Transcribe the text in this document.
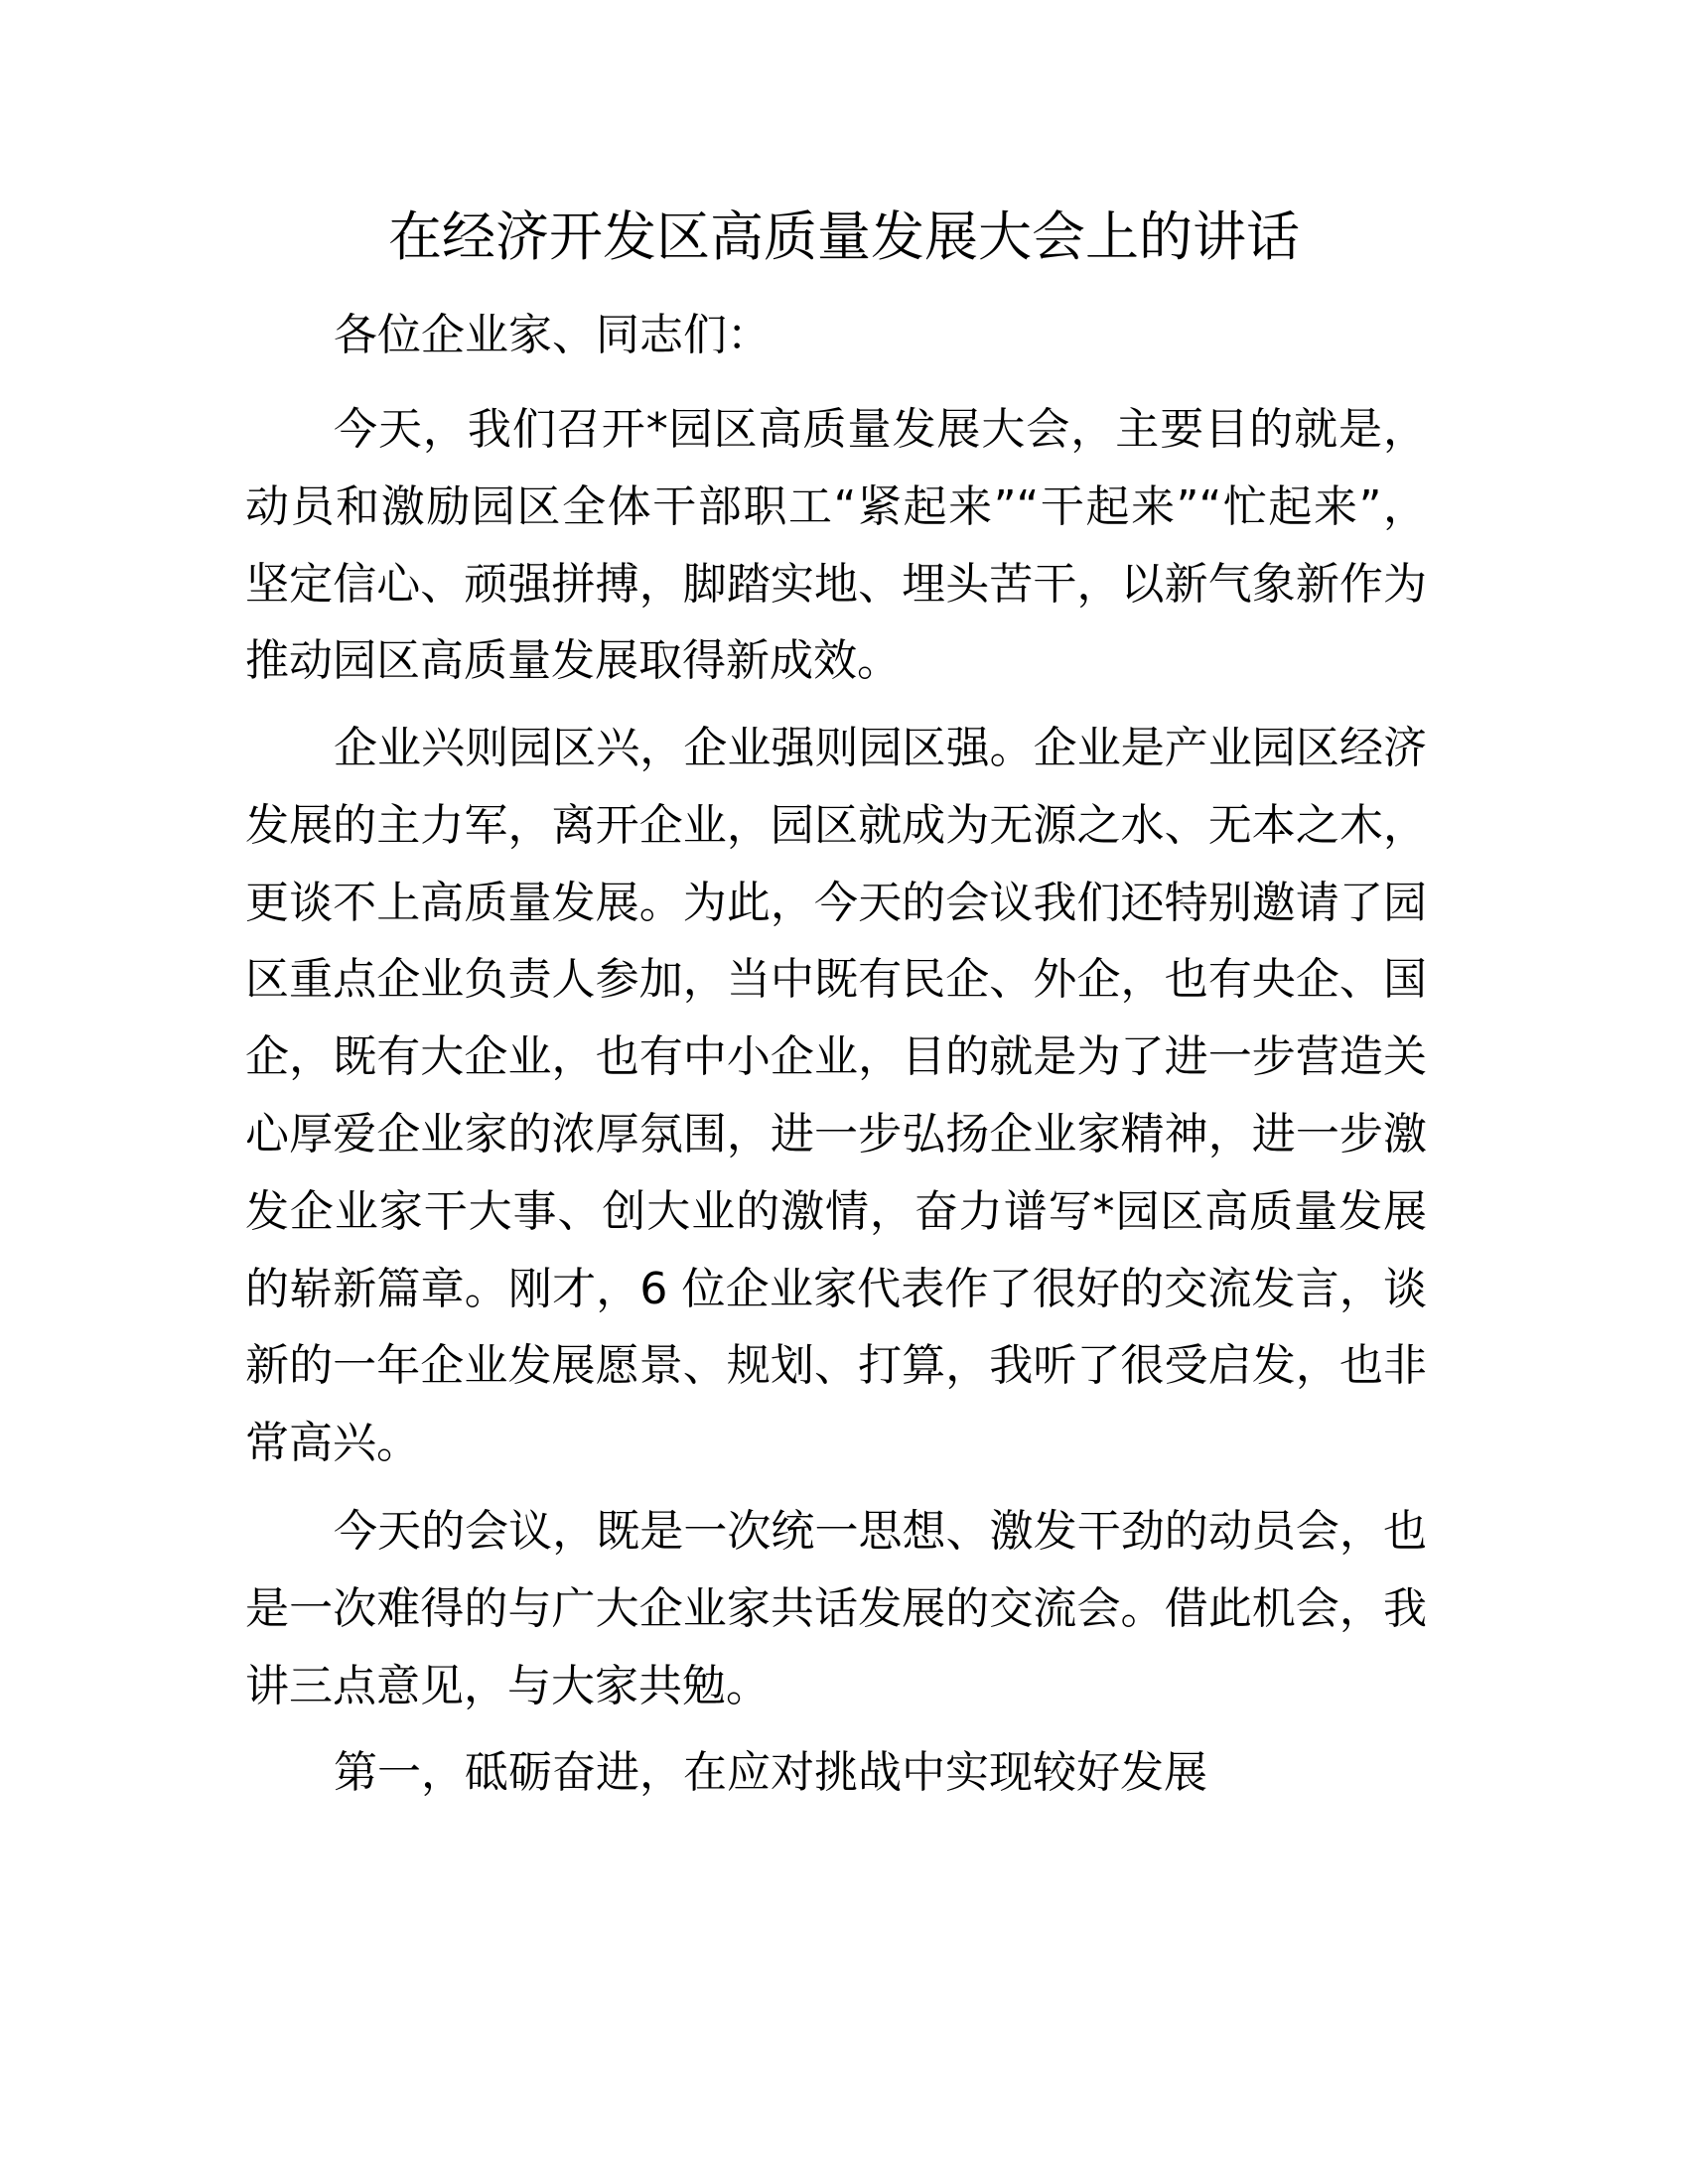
在经济开发区高质量发展大会上的讲话
各位企业家、同志们：
今天，我们召开*园区高质量发展大会，主要目的就是，
动员和激励园区全体干部职工“紧起来”“干起来”“忙起来”，
坚定信心、顽强拼搏，脚踏实地、埋头苦干，以新气象新作为
推动园区高质量发展取得新成效。
企业兴则园区兴，企业强则园区强。企业是产业园区经济
发展的主力军，离开企业，园区就成为无源之水、无本之木，
更谈不上高质量发展。为此，今天的会议我们还特别邀请了园
区重点企业负责人参加，当中既有民企、外企，也有央企、国
企，既有大企业，也有中小企业，目的就是为了进一步营造关
心厚爱企业家的浓厚氛围，进一步弘扬企业家精神，进一步激
发企业家干大事、创大业的激情，奋力谱写*园区高质量发展
的崭新篇章。刚才，6 位企业家代表作了很好的交流发言，谈
新的一年企业发展愿景、规划、打算，我听了很受启发，也非
常高兴。
今天的会议，既是一次统一思想、激发干劲的动员会，也
是一次难得的与广大企业家共话发展的交流会。借此机会，我
讲三点意见，与大家共勉。
第一，砥砺奋进，在应对挑战中实现较好发展
